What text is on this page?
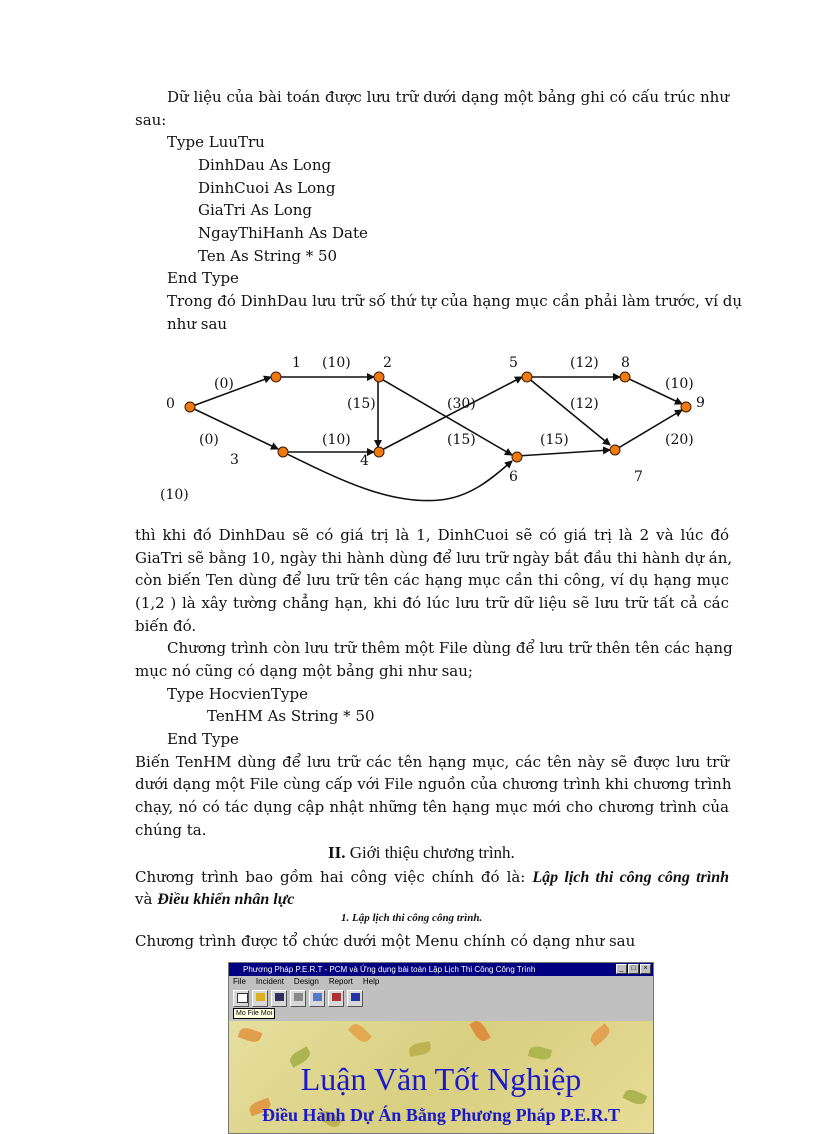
Dữ liệu của bài toán được lưu trữ dưới dạng một bảng ghi có cấu trúc như
sau:
Type LuuTru
DinhDau As Long
DinhCuoi As Long
GiaTri As Long
NgayThiHanh As Date
Ten As String * 50
End Type
Trong đó DinhDau lưu trữ số thứ tự của hạng mục cần phải làm trước, ví dụ
như sau
0
1	2
3	4
5
6	7
8
9
(0)
(10)
(0)
(15)
(10)
(30)
(15)
(12)
(15)
(12)
(10)
(20)
(10)
thì khi đó DinhDau sẽ có giá trị là 1, DinhCuoi sẽ có giá trị là 2 và lúc đó
GiaTri sẽ bằng 10, ngày thi hành dùng để lưu trữ ngày bắt đầu thi hành dự án,
còn biến Ten dùng để lưu trữ tên các hạng mục cần thi công, ví dụ hạng mục
(1,2 ) là xây tường chẳng hạn, khi đó lúc lưu trữ dữ liệu sẽ lưu trữ tất cả các
biến đó.
Chương trình còn lưu trữ thêm một File dùng để lưu trữ thên tên các hạng
mục nó cũng có dạng một bảng ghi như sau;
Type HocvienType
TenHM As String * 50
End Type
Biến TenHM dùng để lưu trữ các tên hạng mục, các tên này sẽ được lưu trữ
dưới dạng một File cùng cấp với File nguồn của chương trình khi chương trình
chạy, nó có tác dụng cập nhật những tên hạng mục mới cho chương trình của
chúng ta.
II. Giới thiệu chương trình.
Chương trình bao gồm hai công việc chính đó là: Lập lịch thi công công trình
và Điều khiển nhân lực
1. Lập lịch thi công công trình.
Chương trình được tổ chức dưới một Menu chính có dạng như sau
Phương Pháp P.E.R.T - PCM và Ứng dụng bài toán Lập Lịch Thi Công Công Trình	_	□	×
File Incident Design Report Help
Mo File Moi
Luận Văn Tốt Nghiệp
Điều Hành Dự Án Bằng Phương Pháp P.E.R.T
